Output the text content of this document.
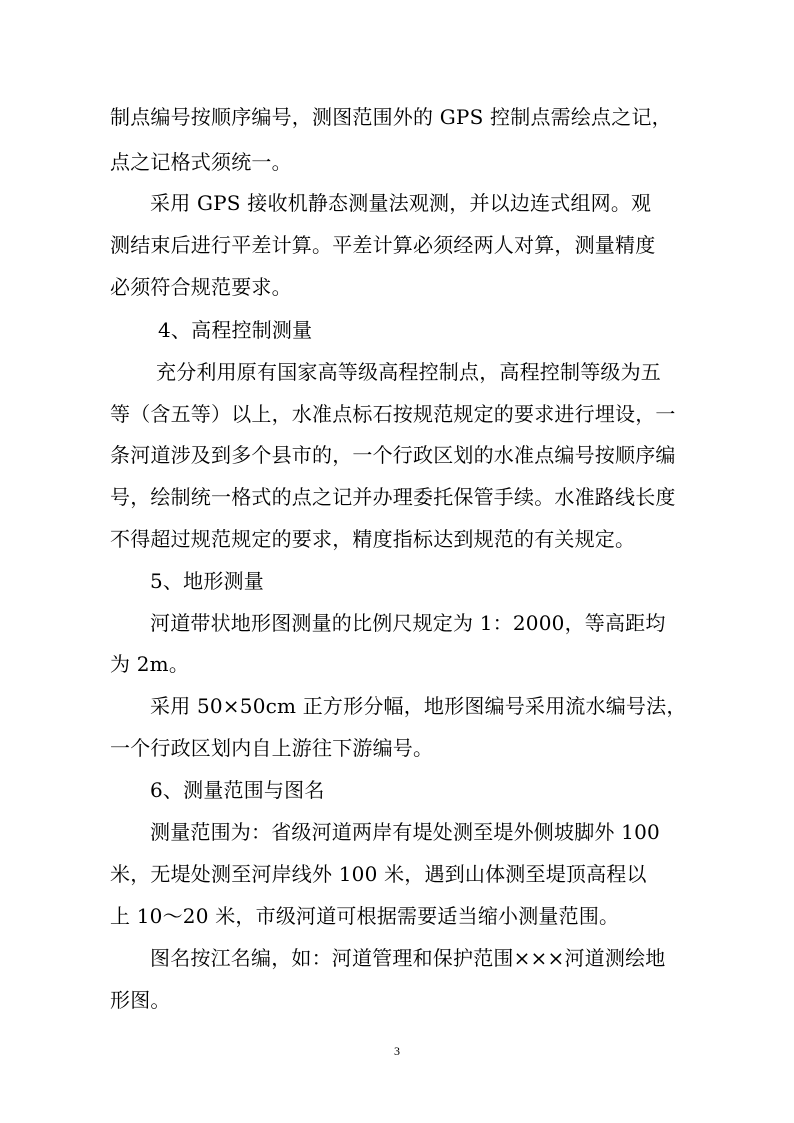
制点编号按顺序编号，测图范围外的 GPS 控制点需绘点之记，
点之记格式须统一。
采用 GPS 接收机静态测量法观测，并以边连式组网。观
测结束后进行平差计算。平差计算必须经两人对算，测量精度
必须符合规范要求。
4、高程控制测量
充分利用原有国家高等级高程控制点，高程控制等级为五
等（含五等）以上，水准点标石按规范规定的要求进行埋设，一
条河道涉及到多个县市的，一个行政区划的水准点编号按顺序编
号，绘制统一格式的点之记并办理委托保管手续。水准路线长度
不得超过规范规定的要求，精度指标达到规范的有关规定。
5、地形测量
河道带状地形图测量的比例尺规定为 1：2000，等高距均
为 2m。
采用 50×50cm 正方形分幅，地形图编号采用流水编号法，
一个行政区划内自上游往下游编号。
6、测量范围与图名
测量范围为：省级河道两岸有堤处测至堤外侧坡脚外 100
米，无堤处测至河岸线外 100 米，遇到山体测至堤顶高程以
上 10～20 米，市级河道可根据需要适当缩小测量范围。
图名按江名编，如：河道管理和保护范围×××河道测绘地
形图。
3
